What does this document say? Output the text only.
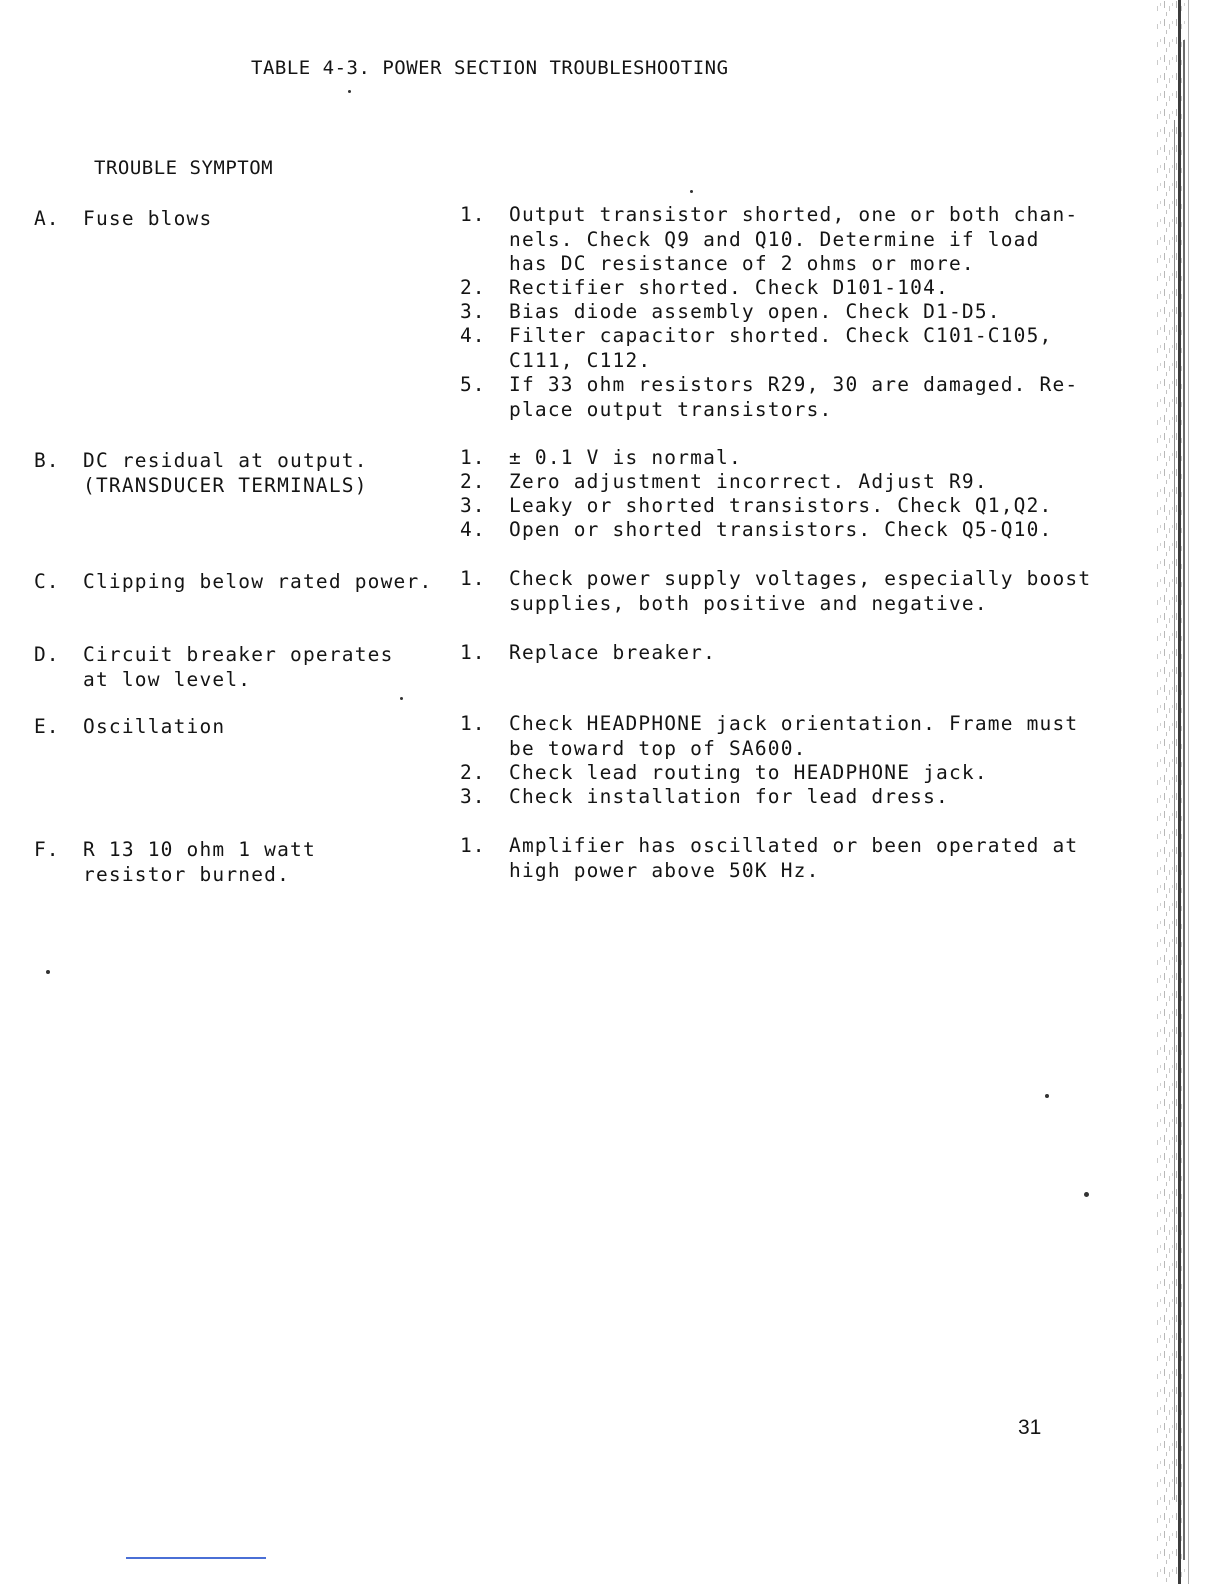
TABLE 4-3. POWER SECTION TROUBLESHOOTING
TROUBLE SYMPTOM
A. Fuse blows	1. Output transistor shorted, one or both chan-
nels. Check Q9 and Q10. Determine if load
has DC resistance of 2 ohms or more.
2. Rectifier shorted. Check D101-104.
3. Bias diode assembly open. Check D1-D5.
4. Filter capacitor shorted. Check C101-C105,
C111, C112.
5. If 33 ohm resistors R29, 30 are damaged. Re-
place output transistors.
B. DC residual at output.
(TRANSDUCER TERMINALS)
1. ± 0.1 V is normal.
2. Zero adjustment incorrect. Adjust R9.
3. Leaky or shorted transistors. Check Q1,Q2.
4. Open or shorted transistors. Check Q5-Q10.
C. Clipping below rated power. 1. Check power supply voltages, especially boost
supplies, both positive and negative.
D. Circuit breaker operates
at low level.
1. Replace breaker.
E. Oscillation	1. Check HEADPHONE jack orientation. Frame must
be toward top of SA600.
2. Check lead routing to HEADPHONE jack.
3. Check installation for lead dress.
F. R 13 10 ohm 1 watt
resistor burned.
1. Amplifier has oscillated or been operated at
high power above 50K Hz.
31
